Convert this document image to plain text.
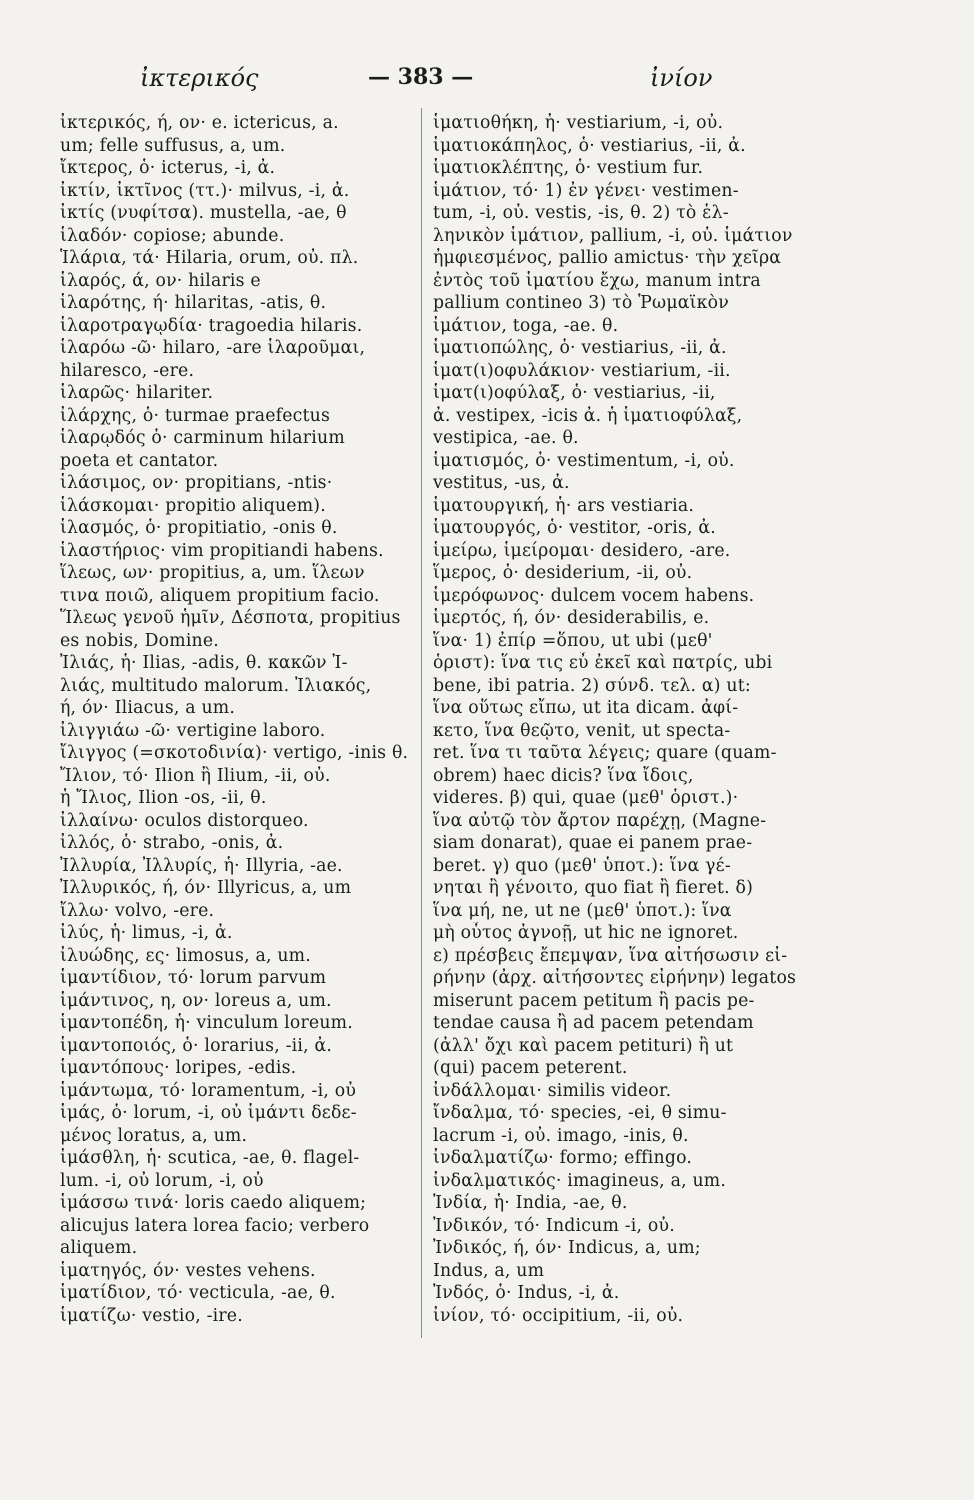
ἰκτερικός	— 383 —	ἰνίον
ἰκτερικός, ή, ον· e. ictericus, a.
um; felle suffusus, a, um.
ἴκτερος, ὁ· icterus, -i, ἀ.
ἰκτίν, ἰκτῖνος (ττ.)· milvus, -i, ἀ.
ἰκτίς (νυφίτσα). mustella, -ae, θ
ἱλαδόν· copiose; abunde.
Ἱλάρια, τά· Hilaria, orum, οὐ. πλ.
ἱλαρός, ά, ον· hilaris e
ἱλαρότης, ή· hilaritas, -atis, θ.
ἱλαροτραγῳδία· tragoedia hilaris.
ἱλαρόω -ῶ· hilaro, -are ἱλαροῦμαι,
hilaresco, -ere.
ἱλαρῶς· hilariter.
ἰλάρχης, ὁ· turmae praefectus
ἱλαρῳδός ὁ· carminum hilarium
poeta et cantator.
ἱλάσιμος, ον· propitians, -ntis·
ἱλάσκομαι· propitio aliquem).
ἱλασμός, ὁ· propitiatio, -onis θ.
ἱλαστήριος· vim propitiandi habens.
ἵλεως, ων· propitius, a, um. ἵλεων
τινα ποιῶ, aliquem propitium facio.
Ἵλεως γενοῦ ἡμῖν, Δέσποτα, propitius
es nobis, Domine.
Ἰλιάς, ἡ· Ilias, -adis, θ. κακῶν Ἰ-
λιάς, multitudo malorum. Ἰλιακός,
ή, όν· Iliacus, a um.
ἰλιγγιάω -ῶ· vertigine laboro.
ἴλιγγος (=σκοτοδινία)· vertigo, -inis θ.
Ἴλιον, τό· Ilion ἢ Ilium, -ii, οὐ.
ἡ Ἴλιος, Ilion -os, -ii, θ.
ἰλλαίνω· oculos distorqueo.
ἰλλός, ὁ· strabo, -onis, ἀ.
Ἰλλυρία, Ἰλλυρίς, ἡ· Illyria, -ae.
Ἰλλυρικός, ή, όν· Illyricus, a, um
ἴλλω· volvo, -ere.
ἰλύς, ἡ· limus, -i, ἀ.
ἰλυώδης, ες· limosus, a, um.
ἱμαντίδιον, τό· lorum parvum
ἱμάντινος, η, ον· loreus a, um.
ἱμαντοπέδη, ἡ· vinculum loreum.
ἱμαντοποιός, ὁ· lorarius, -ii, ἀ.
ἱμαντόπους· loripes, -edis.
ἱμάντωμα, τό· loramentum, -i, οὐ
ἱμάς, ὁ· lorum, -i, οὐ ἱμάντι δεδε-
μένος loratus, a, um.
ἱμάσθλη, ἡ· scutica, -ae, θ. flagel-
lum. -i, οὐ lorum, -i, οὐ
ἱμάσσω τινά· loris caedo aliquem;
alicujus latera lorea facio; verbero
aliquem.
ἱματηγός, όν· vestes vehens.
ἱματίδιον, τό· vecticula, -ae, θ.
ἱματίζω· vestio, -ire.
ἱματιοθήκη, ἡ· vestiarium, -i, οὐ.
ἱματιοκάπηλος, ὁ· vestiarius, -ii, ἀ.
ἱματιοκλέπτης, ὁ· vestium fur.
ἱμάτιον, τό· 1) ἐν γένει· vestimen-
tum, -i, οὐ. vestis, -is, θ. 2) τὸ ἑλ-
ληνικὸν ἱμάτιον, pallium, -i, οὐ. ἱμάτιον
ἠμφιεσμένος, pallio amictus· τὴν χεῖρα
ἐντὸς τοῦ ἱματίου ἔχω, manum intra
pallium contineo 3) τὸ Ῥωμαϊκὸν
ἱμάτιον, toga, -ae. θ.
ἱματιοπώλης, ὁ· vestiarius, -ii, ἀ.
ἱματ(ι)οφυλάκιον· vestiarium, -ii.
ἱματ(ι)οφύλαξ, ὁ· vestiarius, -ii,
ἀ. vestipex, -icis ἀ. ἡ ἱματιοφύλαξ,
vestipica, -ae. θ.
ἱματισμός, ὁ· vestimentum, -i, οὐ.
vestitus, -us, ἀ.
ἱματουργική, ἡ· ars vestiaria.
ἱματουργός, ὁ· vestitor, -oris, ἀ.
ἱμείρω, ἱμείρομαι· desidero, -are.
ἵμερος, ὁ· desiderium, -ii, οὐ.
ἱμερόφωνος· dulcem vocem habens.
ἱμερτός, ή, όν· desiderabilis, e.
ἵνα· 1) ἐπίρ =ὅπου, ut ubi (μεθ'
ὁριστ): ἵνα τις εὖ ἐκεῖ καὶ πατρίς, ubi
bene, ibi patria. 2) σύνδ. τελ. α) ut:
ἵνα οὕτως εἴπω, ut ita dicam. ἀφί-
κετο, ἵνα θεῷτο, venit, ut specta-
ret. ἵνα τι ταῦτα λέγεις; quare (quam-
obrem) haec dicis? ἵνα ἴδοις,
videres. β) qui, quae (μεθ' ὁριστ.)·
ἵνα αὐτῷ τὸν ἄρτον παρέχῃ, (Magne-
siam donarat), quae ei panem prae-
beret. γ) quo (μεθ' ὑποτ.): ἵνα γέ-
νηται ἢ γένοιτο, quo fiat ἢ fieret. δ)
ἵνα μή, ne, ut ne (μεθ' ὑποτ.): ἵνα
μὴ οὗτος ἀγνοῇ, ut hic ne ignoret.
ε) πρέσβεις ἔπεμψαν, ἵνα αἰτήσωσιν εἰ-
ρήνην (ἀρχ. αἰτήσοντες εἰρήνην) legatos
miserunt pacem petitum ἢ pacis pe-
tendae causa ἢ ad pacem petendam
(ἀλλ' ὄχι καὶ pacem petituri) ἢ ut
(qui) pacem peterent.
ἰνδάλλομαι· similis videor.
ἴνδαλμα, τό· species, -ei, θ simu-
lacrum -i, οὐ. imago, -inis, θ.
ἰνδαλματίζω· formo; effingo.
ἰνδαλματικός· imagineus, a, um.
Ἰνδία, ἡ· India, -ae, θ.
Ἰνδικόν, τό· Indicum -i, οὐ.
Ἰνδικός, ή, όν· Indicus, a, um;
Indus, a, um
Ἰνδός, ὁ· Indus, -i, ἀ.
ἰνίον, τό· occipitium, -ii, οὐ.
